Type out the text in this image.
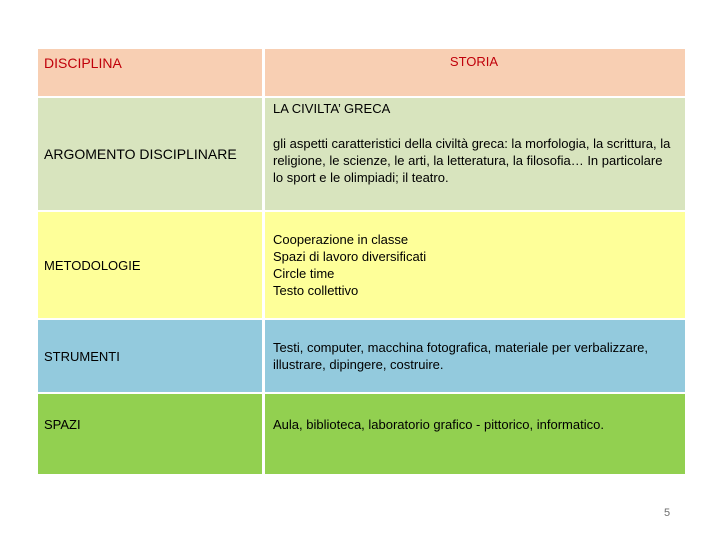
DISCIPLINA	STORIA
ARGOMENTO DISCIPLINARE
LA CIVILTA’ GRECA
gli aspetti caratteristici della civiltà greca: la morfologia, la scrittura, la religione, le scienze, le arti, la letteratura, la filosofia… In particolare lo sport e le olimpiadi; il teatro.
METODOLOGIE
Cooperazione in classe
Spazi di lavoro diversificati
Circle time
Testo collettivo
STRUMENTI
Testi, computer, macchina fotografica, materiale per verbalizzare, illustrare, dipingere, costruire.
SPAZI	Aula, biblioteca, laboratorio grafico - pittorico, informatico.
5
